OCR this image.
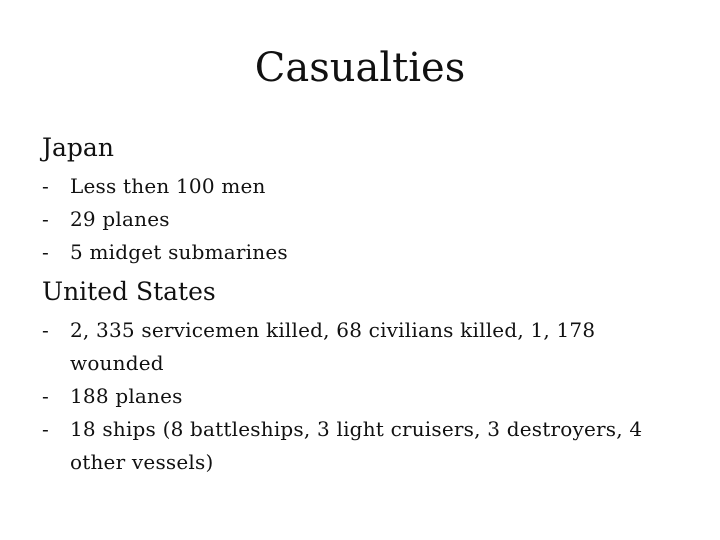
Casualties
Japan
- Less then 100 men
- 29 planes
- 5 midget submarines
United States
- 2, 335 servicemen killed, 68 civilians killed, 1, 178 wounded
- 188 planes
- 18 ships (8 battleships, 3 light cruisers, 3 destroyers, 4 other vessels)
